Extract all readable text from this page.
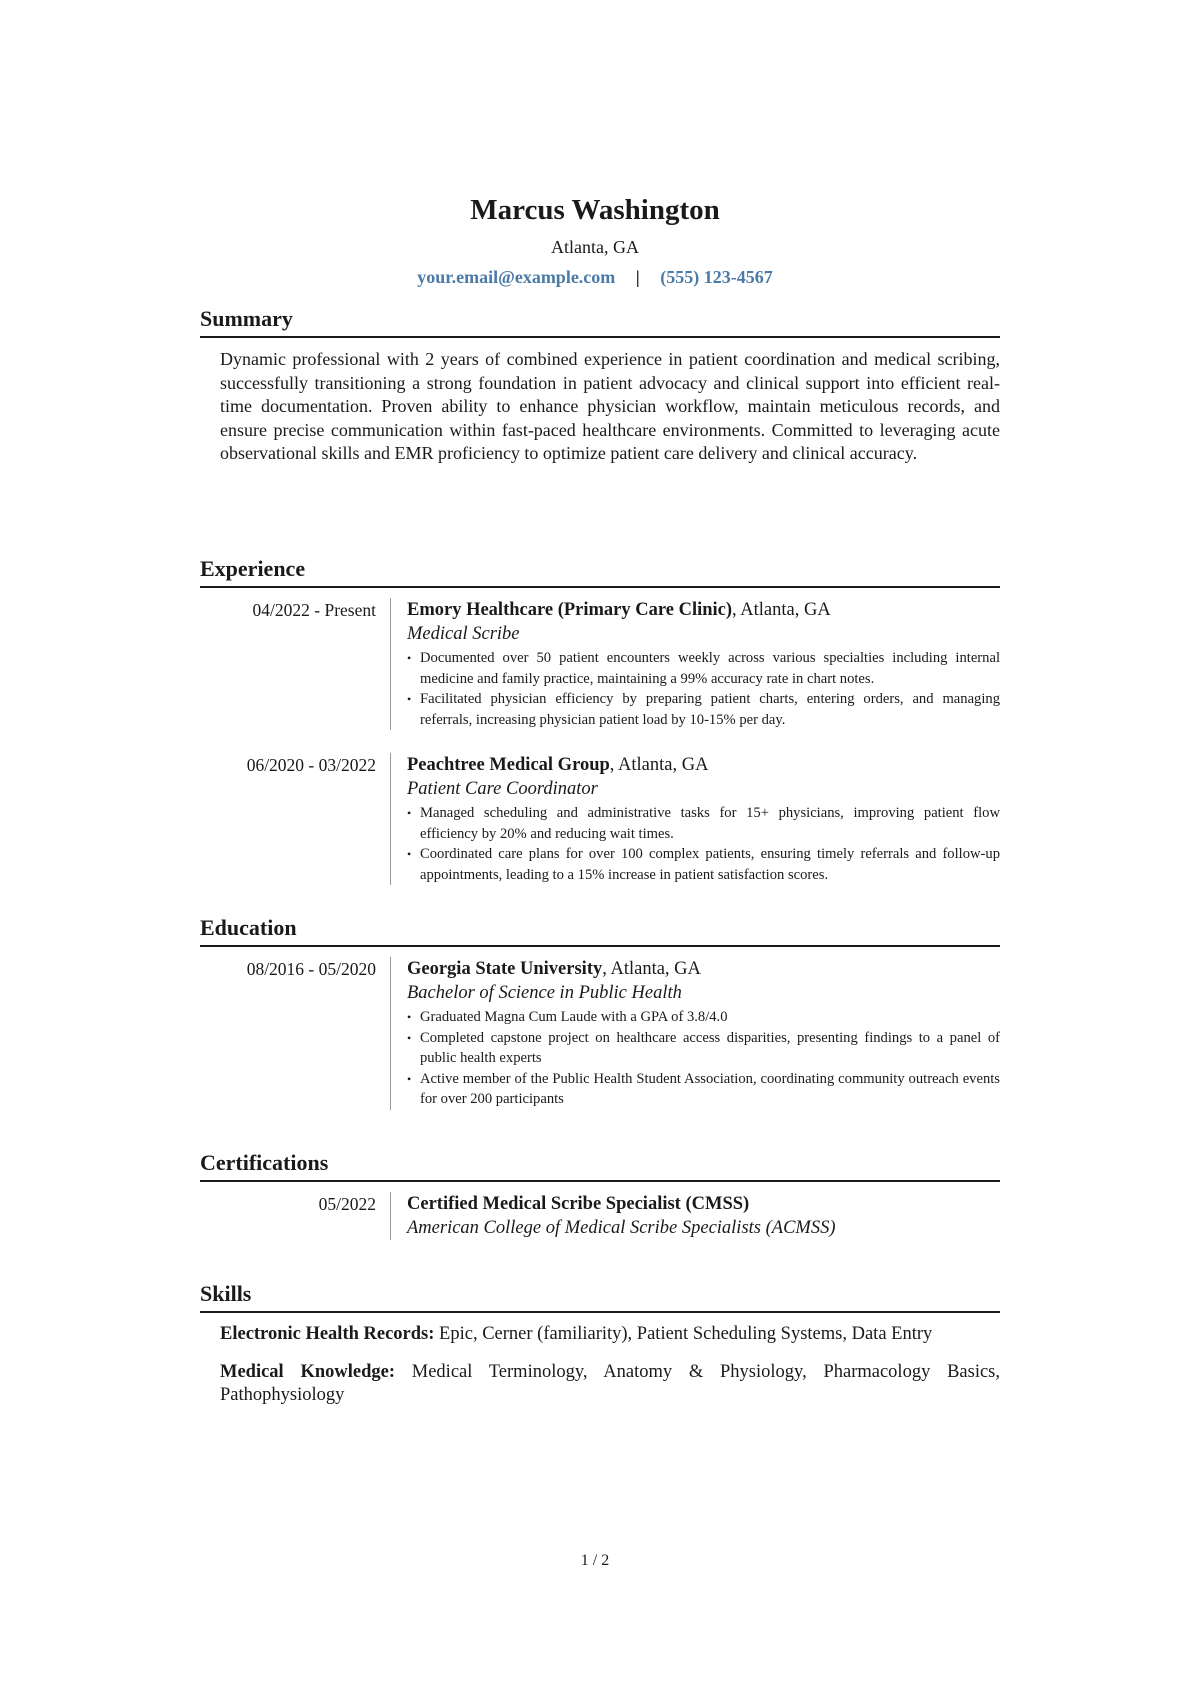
Marcus Washington
Atlanta, GA
your.email@example.com | (555) 123-4567
Summary
Dynamic professional with 2 years of combined experience in patient coordination and medical scribing, successfully transitioning a strong foundation in patient advocacy and clinical support into efficient real-time documentation. Proven ability to enhance physician workflow, maintain meticulous records, and ensure precise communication within fast-paced healthcare environments. Committed to leveraging acute observational skills and EMR proficiency to optimize patient care delivery and clinical accuracy.
Experience
04/2022 - Present Emory Healthcare (Primary Care Clinic), Atlanta, GA
Medical Scribe
• Documented over 50 patient encounters weekly across various specialties including internal medicine and family practice, maintaining a 99% accuracy rate in chart notes.
• Facilitated physician efficiency by preparing patient charts, entering orders, and managing referrals, increasing physician patient load by 10-15% per day.
06/2020 - 03/2022 Peachtree Medical Group, Atlanta, GA
Patient Care Coordinator
• Managed scheduling and administrative tasks for 15+ physicians, improving patient flow efficiency by 20% and reducing wait times.
• Coordinated care plans for over 100 complex patients, ensuring timely referrals and follow-up appointments, leading to a 15% increase in patient satisfaction scores.
Education
08/2016 - 05/2020 Georgia State University, Atlanta, GA
Bachelor of Science in Public Health
• Graduated Magna Cum Laude with a GPA of 3.8/4.0
• Completed capstone project on healthcare access disparities, presenting findings to a panel of public health experts
• Active member of the Public Health Student Association, coordinating community outreach events for over 200 participants
Certifications
05/2022 Certified Medical Scribe Specialist (CMSS)
American College of Medical Scribe Specialists (ACMSS)
Skills
Electronic Health Records: Epic, Cerner (familiarity), Patient Scheduling Systems, Data Entry
Medical Knowledge: Medical Terminology, Anatomy & Physiology, Pharmacology Basics, Pathophysiology
1 / 2
